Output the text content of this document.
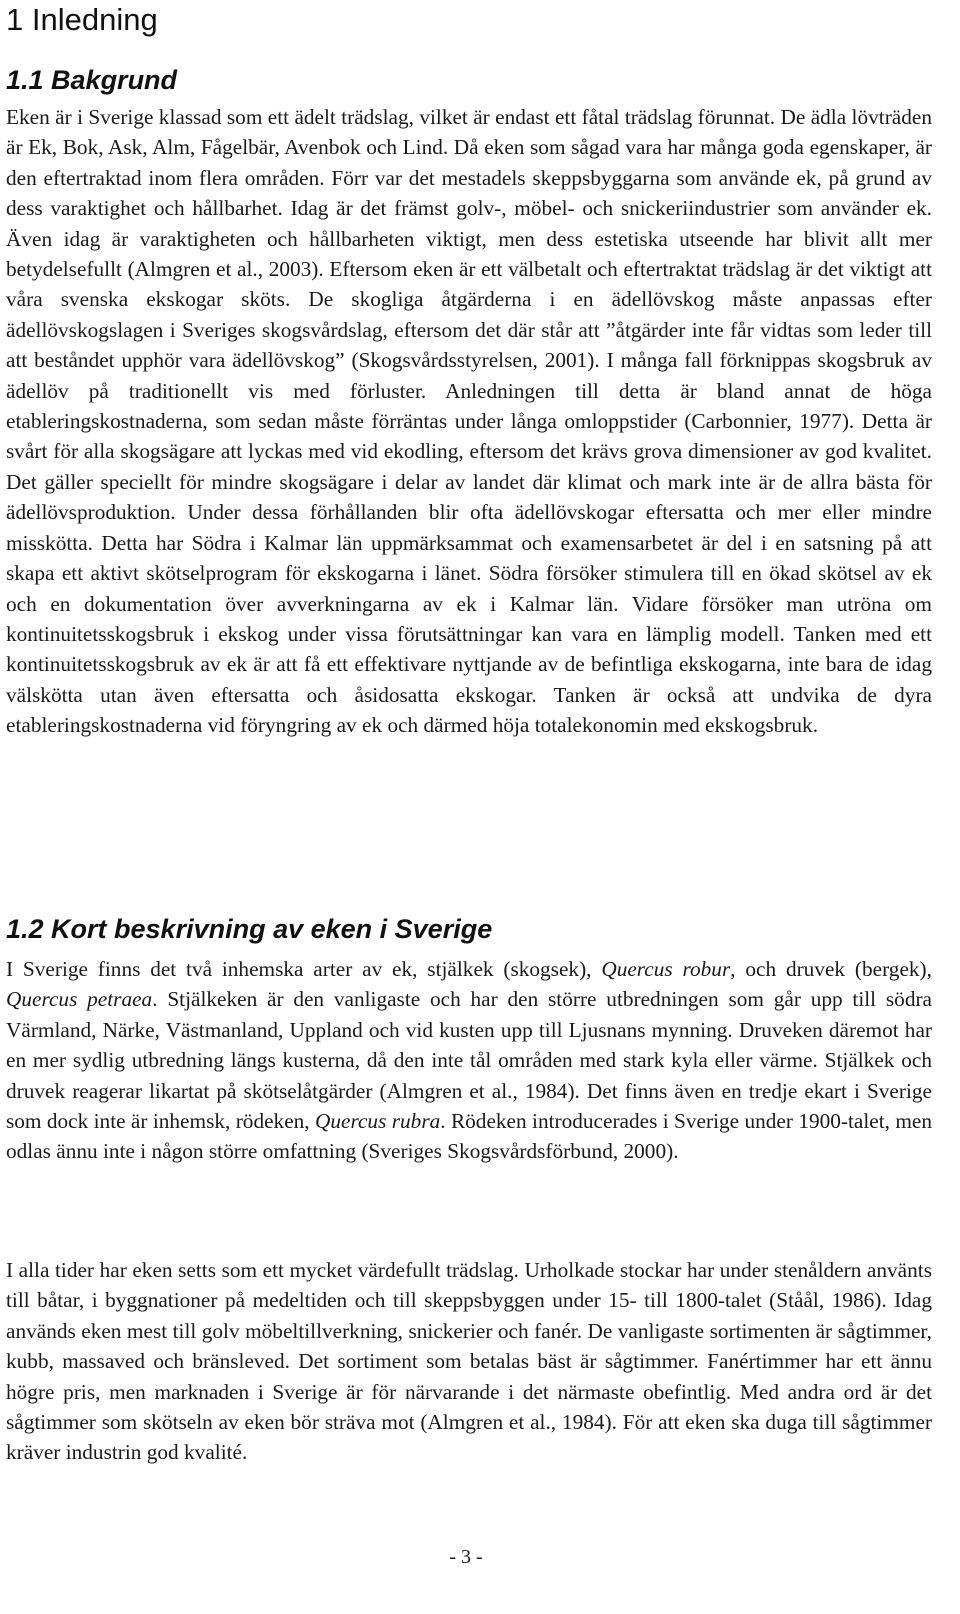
1 Inledning
1.1 Bakgrund

Eken är i Sverige klassad som ett ädelt trädslag, vilket är endast ett fåtal trädslag förunnat. De ädla lövträden är Ek, Bok, Ask, Alm, Fågelbär, Avenbok och Lind. Då eken som sågad vara har många goda egenskaper, är den eftertraktad inom flera områden. Förr var det mestadels skeppsbyggarna som använde ek, på grund av dess varaktighet och hållbarhet. Idag är det främst golv-, möbel- och snickeriindustrier som använder ek. Även idag är varaktigheten och hållbarheten viktigt, men dess estetiska utseende har blivit allt mer betydelsefullt (Almgren et al., 2003). Eftersom eken är ett välbetalt och eftertraktat trädslag är det viktigt att våra svenska ekskogar sköts. De skogliga åtgärderna i en ädellövskog måste anpassas efter ädellövskogslagen i Sveriges skogsvårdslag, eftersom det där står att ”åtgärder inte får vidtas som leder till att beståndet upphör vara ädellövskog” (Skogsvårdsstyrelsen, 2001). I många fall förknippas skogsbruk av ädellöv på traditionellt vis med förluster. Anledningen till detta är bland annat de höga etableringskostnaderna, som sedan måste förräntas under långa omloppstider (Carbonnier, 1977). Detta är svårt för alla skogsägare att lyckas med vid ekodling, eftersom det krävs grova dimensioner av god kvalitet. Det gäller speciellt för mindre skogsägare i delar av landet där klimat och mark inte är de allra bästa för ädellövsproduktion. Under dessa förhållanden blir ofta ädellövskogar eftersatta och mer eller mindre misskötta. Detta har Södra i Kalmar län uppmärksammat och examensarbetet är del i en satsning på att skapa ett aktivt skötselprogram för ekskogarna i länet. Södra försöker stimulera till en ökad skötsel av ek och en dokumentation över avverkningarna av ek i Kalmar län. Vidare försöker man utröna om kontinuitetsskogsbruk i ekskog under vissa förutsättningar kan vara en lämplig modell. Tanken med ett kontinuitetsskogsbruk av ek är att få ett effektivare nyttjande av de befintliga ekskogarna, inte bara de idag välskötta utan även eftersatta och åsidosatta ekskogar. Tanken är också att undvika de dyra etableringskostnaderna vid föryngring av ek och därmed höja totalekonomin med ekskogsbruk.

1.2 Kort beskrivning av eken i Sverige

I Sverige finns det två inhemska arter av ek, stjälkek (skogsek), Quercus robur, och druvek (bergek), Quercus petraea. Stjälkeken är den vanligaste och har den större utbredningen som går upp till södra Värmland, Närke, Västmanland, Uppland och vid kusten upp till Ljusnans mynning. Druveken däremot har en mer sydlig utbredning längs kusterna, då den inte tål områden med stark kyla eller värme. Stjälkek och druvek reagerar likartat på skötselåtgärder (Almgren et al., 1984). Det finns även en tredje ekart i Sverige som dock inte är inhemsk, rödeken, Quercus rubra. Rödeken introducerades i Sverige under 1900-talet, men odlas ännu inte i någon större omfattning (Sveriges Skogsvårdsförbund, 2000).

I alla tider har eken setts som ett mycket värdefullt trädslag. Urholkade stockar har under stenåldern använts till båtar, i byggnationer på medeltiden och till skeppsbyggen under 15- till 1800-talet (Ståål, 1986). Idag används eken mest till golv möbeltillverkning, snickerier och fanér. De vanligaste sortimenten är sågtimmer, kubb, massaved och bränsleved. Det sortiment som betalas bäst är sågtimmer. Fanértimmer har ett ännu högre pris, men marknaden i Sverige är för närvarande i det närmaste obefintlig. Med andra ord är det sågtimmer som skötseln av eken bör sträva mot (Almgren et al., 1984). För att eken ska duga till sågtimmer kräver industrin god kvalité.

- 3 -
